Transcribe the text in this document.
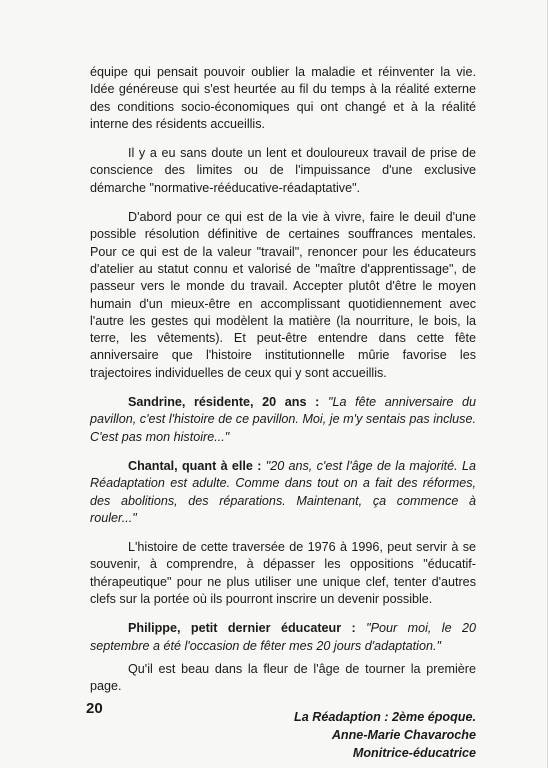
équipe qui pensait pouvoir oublier la maladie et réinventer la vie. Idée généreuse qui s'est heurtée au fil du temps à la réalité externe des conditions socio-économiques qui ont changé et à la réalité interne des résidents accueillis.

Il y a eu sans doute un lent et douloureux travail de prise de conscience des limites ou de l'impuissance d'une exclusive démarche "normative-rééducative-réadaptative".

D'abord pour ce qui est de la vie à vivre, faire le deuil d'une possible résolution définitive de certaines souffrances mentales. Pour ce qui est de la valeur "travail", renoncer pour les éducateurs d'atelier au statut connu et valorisé de "maître d'apprentissage", de passeur vers le monde du travail. Accepter plutôt d'être le moyen humain d'un mieux-être en accomplissant quotidiennement avec l'autre les gestes qui modèlent la matière (la nourriture, le bois, la terre, les vêtements). Et peut-être entendre dans cette fête anniversaire que l'histoire institutionnelle mûrie favorise les trajectoires individuelles de ceux qui y sont accueillis.

Sandrine, résidente, 20 ans : "La fête anniversaire du pavillon, c'est l'histoire de ce pavillon. Moi, je m'y sentais pas incluse. C'est pas mon histoire..."

Chantal, quant à elle : "20 ans, c'est l'âge de la majorité. La Réadaptation est adulte. Comme dans tout on a fait des réformes, des abolitions, des réparations. Maintenant, ça commence à rouler..."

L'histoire de cette traversée de 1976 à 1996, peut servir à se souvenir, à comprendre, à dépasser les oppositions "éducatif-thérapeutique" pour ne plus utiliser une unique clef, tenter d'autres clefs sur la portée où ils pourront inscrire un devenir possible.

Philippe, petit dernier éducateur : "Pour moi, le 20 septembre a été l'occasion de fêter mes 20 jours d'adaptation."

Qu'il est beau dans la fleur de l'âge de tourner la première page.

La Réadaption : 2ème époque.
Anne-Marie Chavaroche
Monitrice-éducatrice
20
